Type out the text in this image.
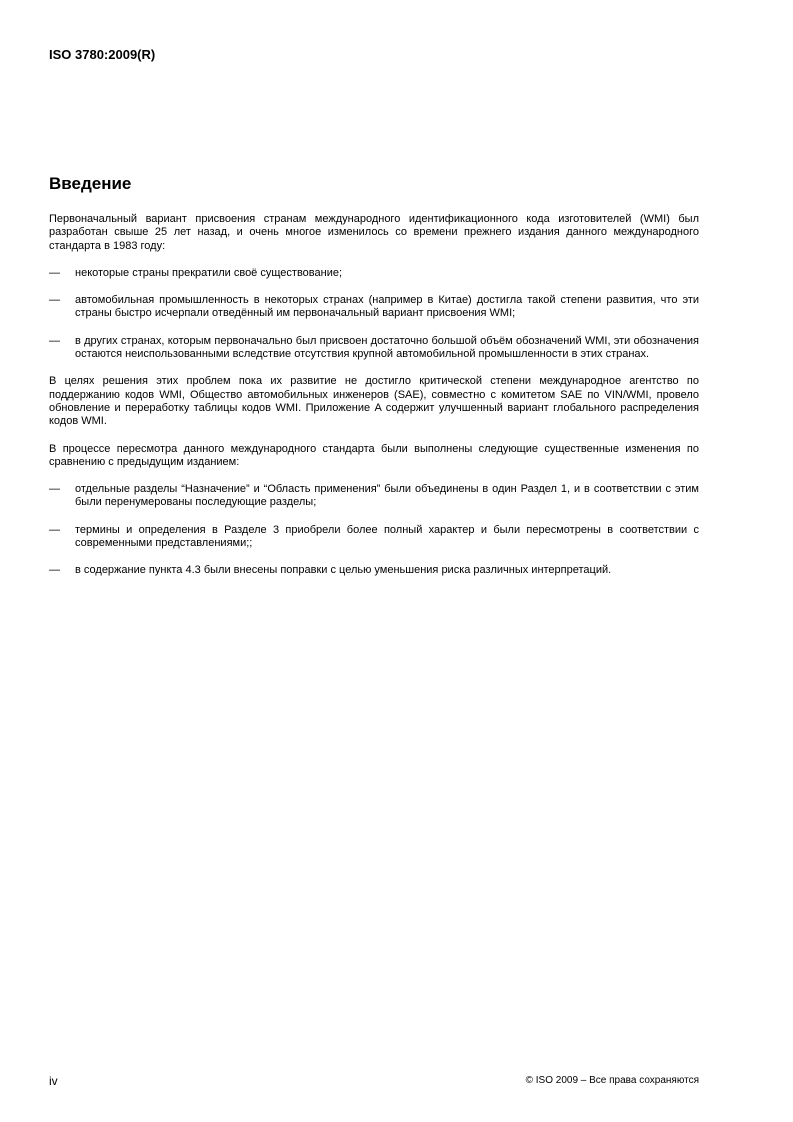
ISO 3780:2009(R)
Введение

Первоначальный вариант присвоения странам международного идентификационного кода изготовителей (WMI) был разработан свыше 25 лет назад, и очень многое изменилось со времени прежнего издания данного международного стандарта в 1983 году:

— некоторые страны прекратили своё существование;
— автомобильная промышленность в некоторых странах (например в Китае) достигла такой степени развития, что эти страны быстро исчерпали отведённый им первоначальный вариант присвоения WMI;
— в других странах, которым первоначально был присвоен достаточно большой объём обозначений WMI, эти обозначения остаются неиспользованными вследствие отсутствия крупной автомобильной промышленности в этих странах.

В целях решения этих проблем пока их развитие не достигло критической степени международное агентство по поддержанию кодов WMI, Общество автомобильных инженеров (SAE), совместно с комитетом SAE по VIN/WMI, провело обновление и переработку таблицы кодов WMI. Приложение A содержит улучшенный вариант глобального распределения кодов WMI.

В процессе пересмотра данного международного стандарта были выполнены следующие существенные изменения по сравнению с предыдущим изданием:

— отдельные разделы “Назначение” и “Область применения” были объединены в один Раздел 1, и в соответствии с этим были перенумерованы последующие разделы;
— термины и определения в Разделе 3 приобрели более полный характер и были пересмотрены в соответствии с современными представлениями;;
— в содержание пункта 4.3 были внесены поправки с целью уменьшения риска различных интерпретаций.
iv	© ISO 2009 – Все права сохраняются
